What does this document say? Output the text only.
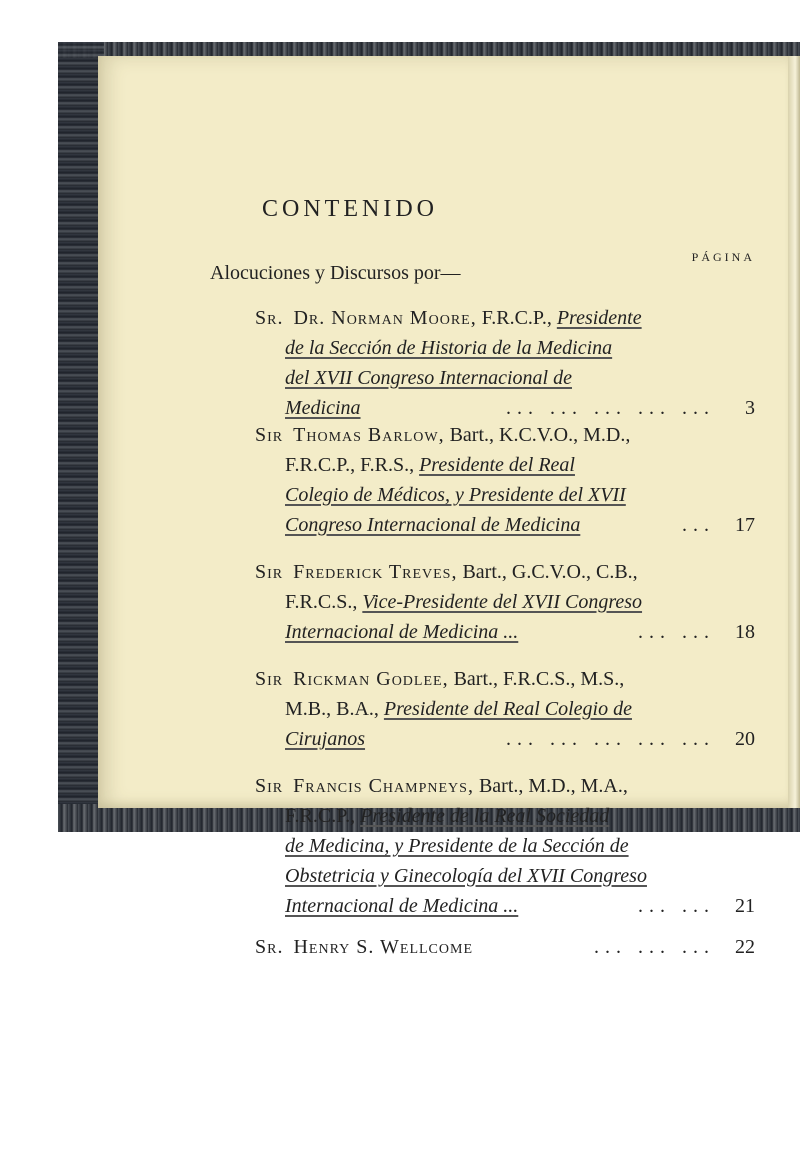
CONTENIDO
PÁGINA
Alocuciones y Discursos por—
Sr. Dr. Norman Moore,
F.R.C.P.,
Presidente
de la Sección de Historia de la Medicina
del XVII Congreso Internacional de
Medicina	... ... ... ... ...	3
Sir Thomas Barlow,
Bart., K.C.V.O., M.D.,
F.R.C.P., F.R.S.,
Presidente del Real
Colegio de Médicos, y Presidente del XVII
Congreso Internacional de Medicina	...	17
Sir Frederick Treves,
Bart., G.C.V.O., C.B.,
F.R.C.S.,
Vice-Presidente del XVII Congreso
Internacional de Medicina ...	... ...	18
Sir Rickman Godlee,
Bart., F.R.C.S., M.S.,
M.B., B.A.,
Presidente del Real Colegio de
Cirujanos	... ... ... ... ...	20
Sir Francis Champneys,
Bart., M.D., M.A.,
F.R.C.P.,
Presidente de la Real Sociedad
de Medicina, y Presidente de la Sección de
Obstetricia y Ginecología del XVII Congreso
Internacional de Medicina ...	... ...	21
Sr. Henry S. Wellcome	... ... ...	22
